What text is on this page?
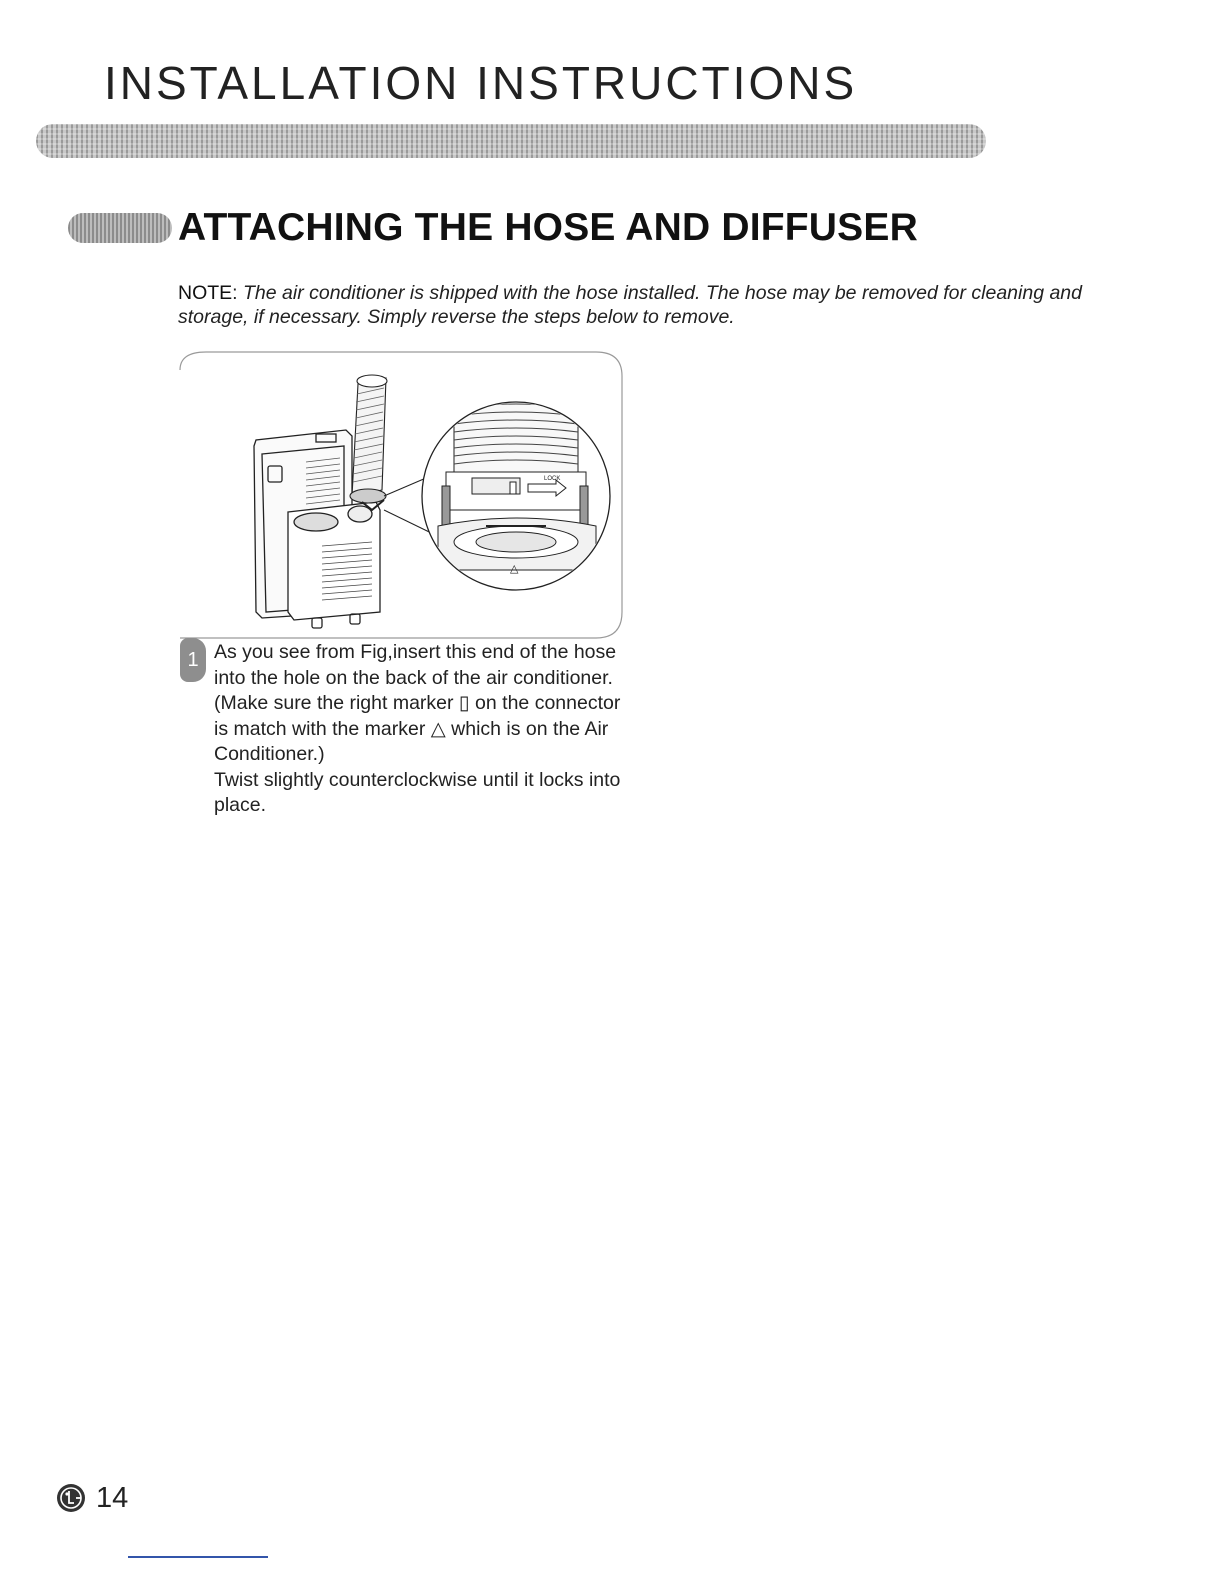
INSTALLATION INSTRUCTIONS
ATTACHING THE HOSE AND DIFFUSER
NOTE: The air conditioner is shipped with the hose installed. The hose may be removed for cleaning and storage, if necessary. Simply reverse the steps below to remove.
LOCK
△
1 As you see from Fig,insert this end of the hose

into the hole on the back of the air conditioner.

(Make sure the right marker ▯ on the connector

is match with the marker △ which is on the Air

Conditioner.)

Twist slightly counterclockwise until it locks into

place.

14
